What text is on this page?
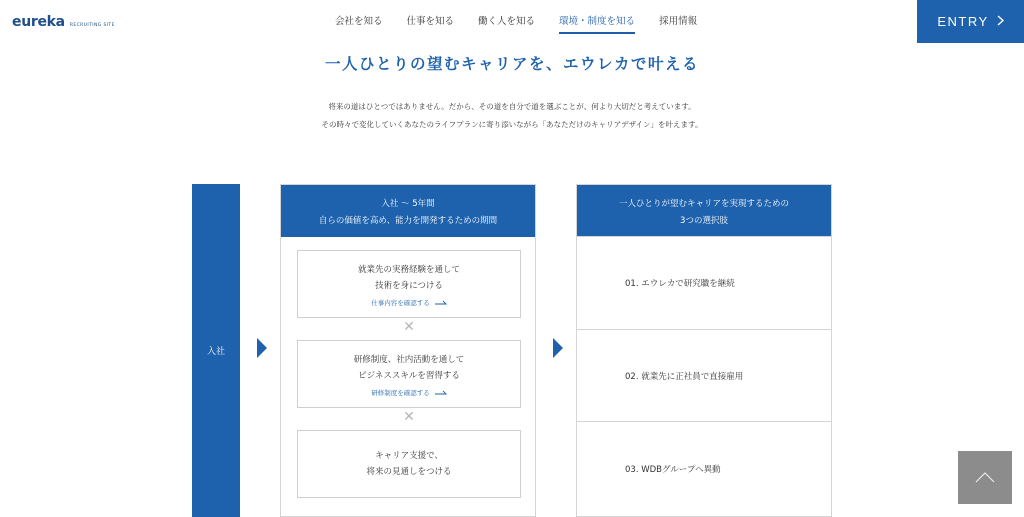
eureka RECRUITING SITE	会社を知る	仕事を知る	働く人を知る	環境・制度を知る	採用情報	ENTRY
一人ひとりの望むキャリアを、エウレカで叶える

将来の道はひとつではありません。だから、その道を自分で道を選ぶことが、何より大切だと考えています。

その時々で変化していくあなたのライフプランに寄り添いながら「あなただけのキャリアデザイン」を叶えます。

入社
入社 〜 5年間
自らの価値を高め、能力を開発するための期間
就業先の実務経験を通して
技術を身につける
仕事内容を確認する
✕
研修制度、社内活動を通して
ビジネススキルを習得する
研修制度を確認する
✕
キャリア支援で、
将来の見通しをつける
一人ひとりが望むキャリアを実現するための
3つの選択肢
01. エウレカで研究職を継続
02. 就業先に正社員で直接雇用
03. WDBグループへ異動
